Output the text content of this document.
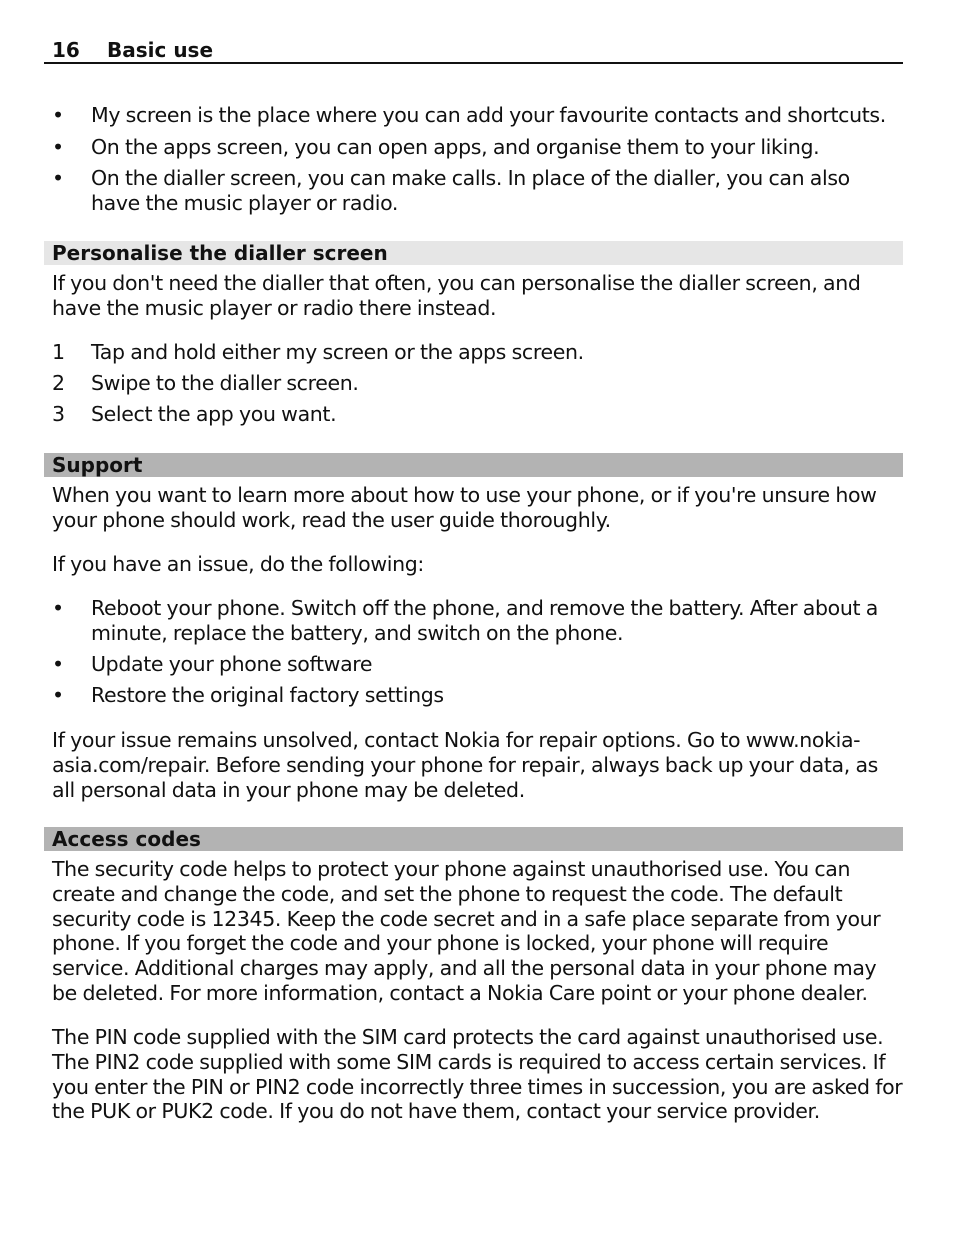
16 Basic use
•	My screen is the place where you can add your favourite contacts and shortcuts.
•	On the apps screen, you can open apps, and organise them to your liking.
•	On the dialler screen, you can make calls. In place of the dialler, you can also have the music player or radio.
Personalise the dialler screen
If you don't need the dialler that often, you can personalise the dialler screen, and have the music player or radio there instead.
1	Tap and hold either my screen or the apps screen.
2	Swipe to the dialler screen.
3	Select the app you want.
Support
When you want to learn more about how to use your phone, or if you're unsure how your phone should work, read the user guide thoroughly.
If you have an issue, do the following:
•	Reboot your phone. Switch off the phone, and remove the battery. After about a minute, replace the battery, and switch on the phone.
•	Update your phone software
•	Restore the original factory settings
If your issue remains unsolved, contact Nokia for repair options. Go to www.nokia-asia.com/repair. Before sending your phone for repair, always back up your data, as all personal data in your phone may be deleted.
Access codes
The security code helps to protect your phone against unauthorised use. You can create and change the code, and set the phone to request the code. The default security code is 12345. Keep the code secret and in a safe place separate from your phone. If you forget the code and your phone is locked, your phone will require service. Additional charges may apply, and all the personal data in your phone may be deleted. For more information, contact a Nokia Care point or your phone dealer.
The PIN code supplied with the SIM card protects the card against unauthorised use. The PIN2 code supplied with some SIM cards is required to access certain services. If you enter the PIN or PIN2 code incorrectly three times in succession, you are asked for the PUK or PUK2 code. If you do not have them, contact your service provider.
